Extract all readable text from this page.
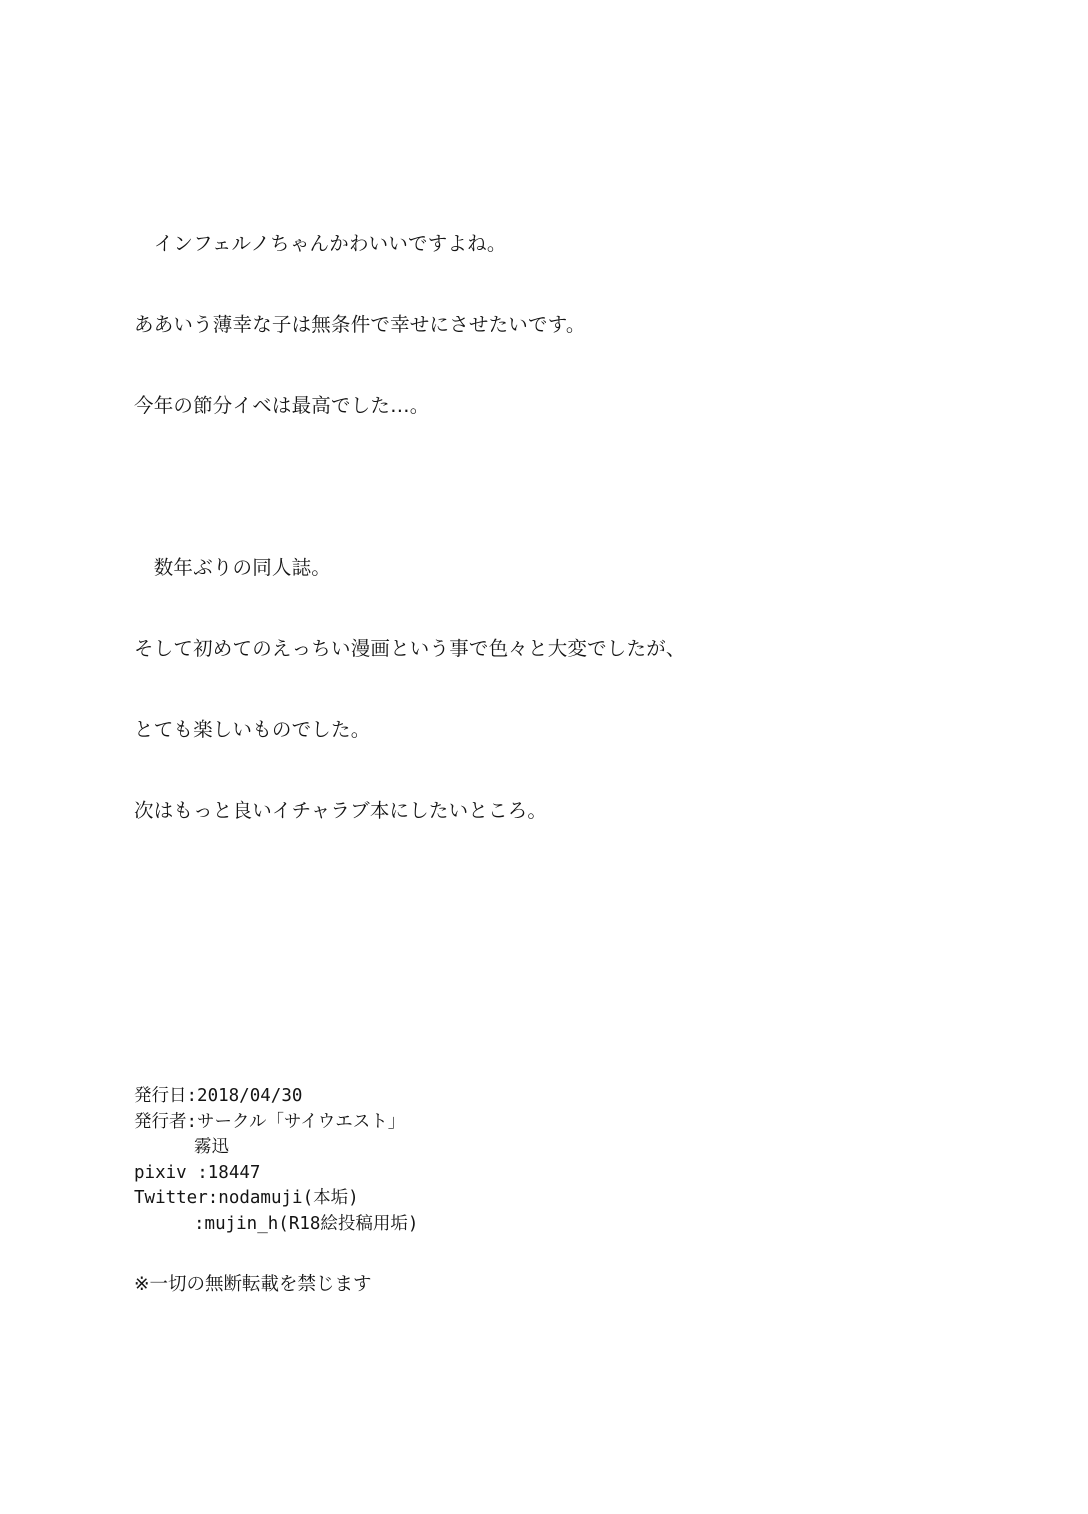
　インフェルノちゃんかわいいですよね。

ああいう薄幸な子は無条件で幸せにさせたいです。

今年の節分イベは最高でした…。

　数年ぶりの同人誌。

そして初めてのえっちい漫画という事で色々と大変でしたが、

とても楽しいものでした。

次はもっと良いイチャラブ本にしたいところ。

発行日:2018/04/30
発行者:サークル「サイウエスト」
霧迅
pixiv :18447
Twitter:nodamuji(本垢)
:mujin_h(R18絵投稿用垢)
※一切の無断転載を禁じます
